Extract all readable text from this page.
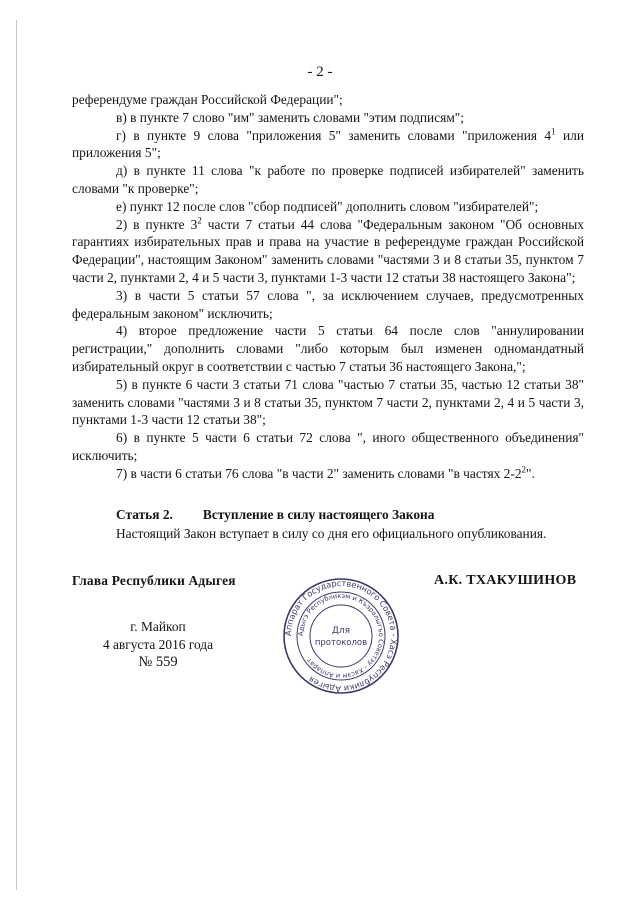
- 2 -

референдуме граждан Российской Федерации";

в) в пункте 7 слово "им" заменить словами "этим подписям";

г) в пункте 9 слова "приложения 5" заменить словами "приложения $4^1$ или приложения 5";

д) в пункте 11 слова "к работе по проверке подписей избирателей" заменить словами "к проверке";

е) пункт 12 после слов "сбор подписей" дополнить словом "избирателей";

2) в пункте $3^2$ части 7 статьи 44 слова "Федеральным законом "Об основных гарантиях избирательных прав и права на участие в референдуме граждан Российской Федерации", настоящим Законом" заменить словами "частями 3 и 8 статьи 35, пунктом 7 части 2, пунктами 2, 4 и 5 части 3, пунктами 1-3 части 12 статьи 38 настоящего Закона";

3) в части 5 статьи 57 слова ", за исключением случаев, предусмотренных федеральным законом" исключить;

4) второе предложение части 5 статьи 64 после слов "аннулировании регистрации," дополнить словами "либо которым был изменен одномандатный избирательный округ в соответствии с частью 7 статьи 36 настоящего Закона,";

5) в пункте 6 части 3 статьи 71 слова "частью 7 статьи 35, частью 12 статьи 38" заменить словами "частями 3 и 8 статьи 35, пунктом 7 части 2, пунктами 2, 4 и 5 части 3, пунктами 1-3 части 12 статьи 38";

6) в пункте 5 части 6 статьи 72 слова ", иного общественного объединения" исключить;

7) в части 6 статьи 76 слова "в части 2" заменить словами "в частях $2-2^2$".

Статья 2. Вступление в силу настоящего Закона
Настоящий Закон вступает в силу со дня его официального опубликования.
Глава Республики Адыгея	А.К. ТХАКУШИНОВ
г. Майкоп
4 августа 2016 года
№ 559
Аппарат Государственного Совета - Хасэ Республики Адыгея
Адыгэ Республикэм и Къэралыгъо Советэу - Хасэм и Аппарат
Для
протоколов
